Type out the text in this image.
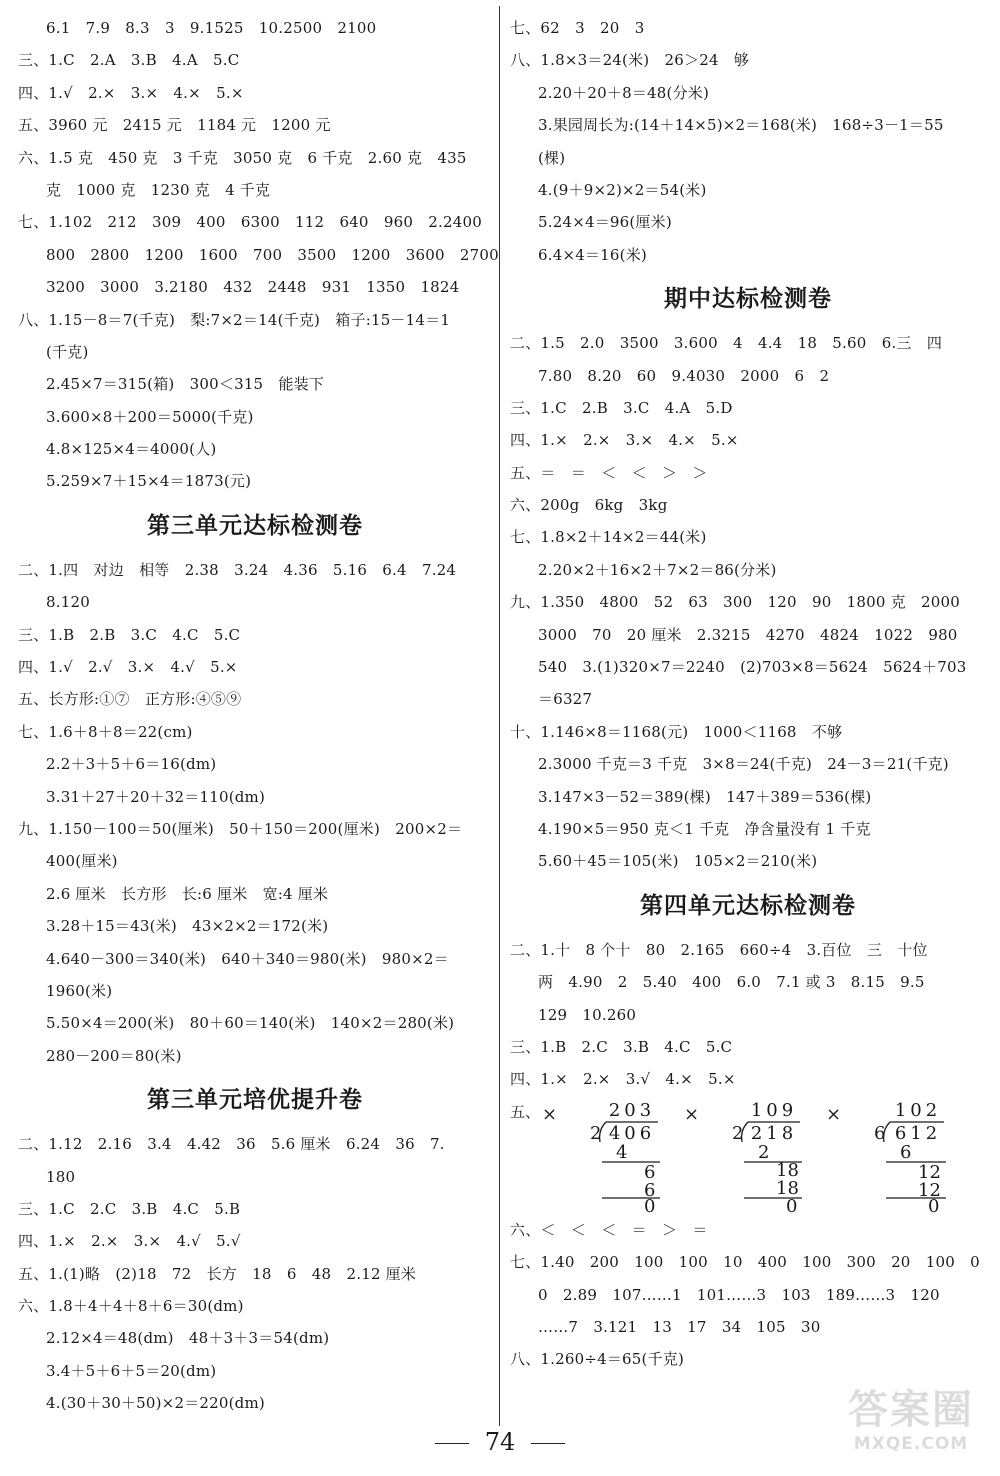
6.1　7.9　8.3　3　9.1525　10.2500　2100
三、1.C　2.A　3.B　4.A　5.C
四、1.√　2.×　3.×　4.×　5.×
五、3960 元　2415 元　1184 元　1200 元
六、1.5 克　450 克　3 千克　3050 克　6 千克　2.60 克　435
克　1000 克　1230 克　4 千克
七、1.102　212　309　400　6300　112　640　960　2.2400
800　2800　1200　1600　700　3500　1200　3600　2700
3200　3000　3.2180　432　2448　931　1350　1824
八、1.15－8＝7(千克)　梨:7×2＝14(千克)　箱子:15－14＝1
(千克)
2.45×7＝315(箱)　300＜315　能装下
3.600×8＋200＝5000(千克)
4.8×125×4＝4000(人)
5.259×7＋15×4＝1873(元)
第三单元达标检测卷
二、1.四　对边　相等　2.38　3.24　4.36　5.16　6.4　7.24
8.120
三、1.B　2.B　3.C　4.C　5.C
四、1.√　2.√　3.×　4.√　5.×
五、长方形:①⑦　正方形:④⑤⑨
七、1.6＋8＋8＝22(cm)
2.2＋3＋5＋6＝16(dm)
3.31＋27＋20＋32＝110(dm)
九、1.150－100＝50(厘米)　50＋150＝200(厘米)　200×2＝
400(厘米)
2.6 厘米　长方形　长:6 厘米　宽:4 厘米
3.28＋15＝43(米)　43×2×2＝172(米)
4.640－300＝340(米)　640＋340＝980(米)　980×2＝
1960(米)
5.50×4＝200(米)　80＋60＝140(米)　140×2＝280(米)
280－200＝80(米)
第三单元培优提升卷
二、1.12　2.16　3.4　4.42　36　5.6 厘米　6.24　36　7.
180
三、1.C　2.C　3.B　4.C　5.B
四、1.×　2.×　3.×　4.√　5.√
五、1.(1)略　(2)18　72　长方　18　6　48　2.12 厘米
六、1.8＋4＋4＋8＋6＝30(dm)
2.12×4＝48(dm)　48＋3＋3＝54(dm)
3.4＋5＋6＋5＝20(dm)
4.(30＋30＋50)×2＝220(dm)
七、62　3　20　3
八、1.8×3＝24(米)　26＞24　够
2.20＋20＋8＝48(分米)
3.果园周长为:(14＋14×5)×2＝168(米)　168÷3－1＝55
(棵)
4.(9＋9×2)×2＝54(米)
5.24×4＝96(厘米)
6.4×4＝16(米)
期中达标检测卷
二、1.5　2.0　3500　3.600　4　4.4　18　5.60　6.三　四
7.80　8.20　60　9.4030　2000　6　2
三、1.C　2.B　3.C　4.A　5.D
四、1.×　2.×　3.×　4.×　5.×
五、＝　＝　＜　＜　＞　＞
六、200g　6kg　3kg
七、1.8×2＋14×2＝44(米)
2.20×2＋16×2＋7×2＝86(分米)
九、1.350　4800　52　63　300　120　90　1800 克　2000
3000　70　20 厘米　2.3215　4270　4824　1022　980
540　3.(1)320×7＝2240　(2)703×8＝5624　5624＋703
＝6327
十、1.146×8＝1168(元)　1000＜1168　不够
2.3000 千克＝3 千克　3×8＝24(千克)　24－3＝21(千克)
3.147×3－52＝389(棵)　147＋389＝536(棵)
4.190×5＝950 克＜1 千克　净含量没有 1 千克
5.60＋45＝105(米)　105×2＝210(米)
第四单元达标检测卷
二、1.十　8 个十　80　2.165　660÷4　3.百位　三　十位
两　4.90　2　5.40　400　6.0　7.1 或 3　8.15　9.5
129　10.260
三、1.B　2.C　3.B　4.C　5.C
四、1.×　2.×　3.√　4.×　5.×
五、 ×	203
2 406
4
6
6
0
×	109
2 218
2
18
18
0
×	102
6 612
6
12
12
0
六、＜　＜　＜　＝　＞　＝
七、1.40　200　100　100　10　400　100　300　20　100　0
0　2.89　107……1　101……3　103　189……3　120
……7　3.121　13　17　34　105　30
八、1.260÷4＝65(千克)
74
答案圈
MXQE.COM
